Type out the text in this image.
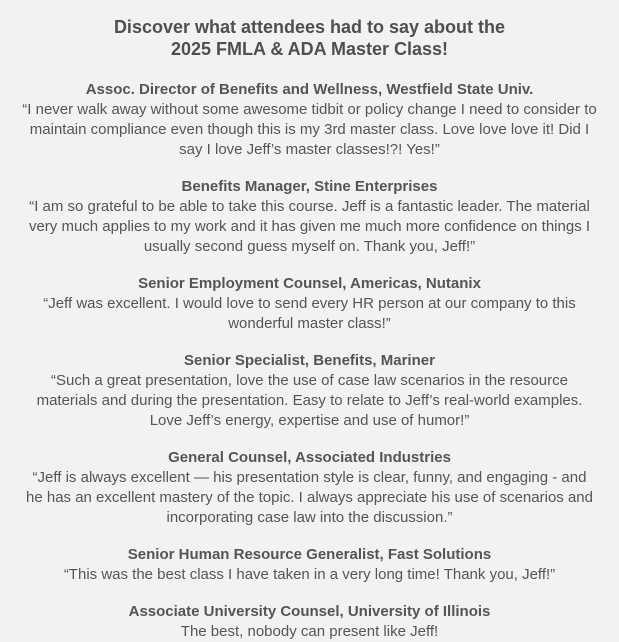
Discover what attendees had to say about the
2025 FMLA & ADA Master Class!
Assoc. Director of Benefits and Wellness, Westfield State Univ.
“I never walk away without some awesome tidbit or policy change I need to consider to
maintain compliance even though this is my 3rd master class. Love love love it! Did I
say I love Jeff’s master classes!?! Yes!”
Benefits Manager, Stine Enterprises
“I am so grateful to be able to take this course. Jeff is a fantastic leader. The material
very much applies to my work and it has given me much more confidence on things I
usually second guess myself on. Thank you, Jeff!”
Senior Employment Counsel, Americas, Nutanix
“Jeff was excellent. I would love to send every HR person at our company to this
wonderful master class!”
Senior Specialist, Benefits, Mariner
“Such a great presentation, love the use of case law scenarios in the resource
materials and during the presentation. Easy to relate to Jeff’s real-world examples.
Love Jeff’s energy, expertise and use of humor!”
General Counsel, Associated Industries
“Jeff is always excellent — his presentation style is clear, funny, and engaging - and
he has an excellent mastery of the topic. I always appreciate his use of scenarios and
incorporating case law into the discussion.”
Senior Human Resource Generalist, Fast Solutions
“This was the best class I have taken in a very long time! Thank you, Jeff!”
Associate University Counsel, University of Illinois
The best, nobody can present like Jeff!
